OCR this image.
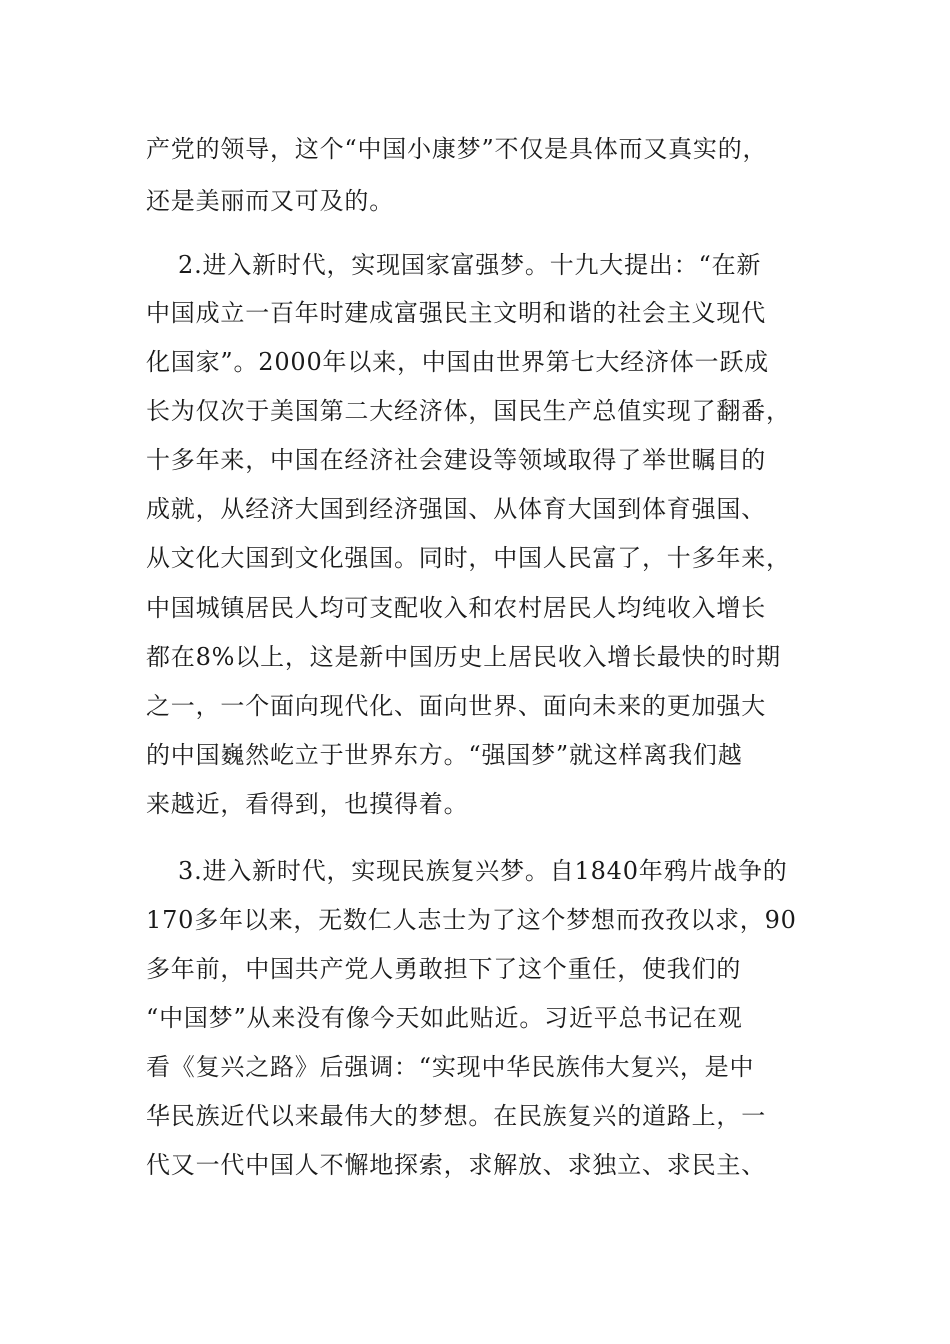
产党的领导，这个“中国小康梦”不仅是具体而又真实的，
还是美丽而又可及的。
2.进入新时代，实现国家富强梦。十九大提出：“在新
中国成立一百年时建成富强民主文明和谐的社会主义现代
化国家”。2000年以来，中国由世界第七大经济体一跃成
长为仅次于美国第二大经济体，国民生产总值实现了翻番，
十多年来，中国在经济社会建设等领域取得了举世瞩目的
成就，从经济大国到经济强国、从体育大国到体育强国、
从文化大国到文化强国。同时，中国人民富了，十多年来，
中国城镇居民人均可支配收入和农村居民人均纯收入增长
都在8%以上，这是新中国历史上居民收入增长最快的时期
之一，一个面向现代化、面向世界、面向未来的更加强大
的中国巍然屹立于世界东方。“强国梦”就这样离我们越
来越近，看得到，也摸得着。
3.进入新时代，实现民族复兴梦。自1840年鸦片战争的
170多年以来，无数仁人志士为了这个梦想而孜孜以求，90
多年前，中国共产党人勇敢担下了这个重任，使我们的
“中国梦”从来没有像今天如此贴近。习近平总书记在观
看《复兴之路》后强调：“实现中华民族伟大复兴，是中
华民族近代以来最伟大的梦想。在民族复兴的道路上，一
代又一代中国人不懈地探索，求解放、求独立、求民主、
